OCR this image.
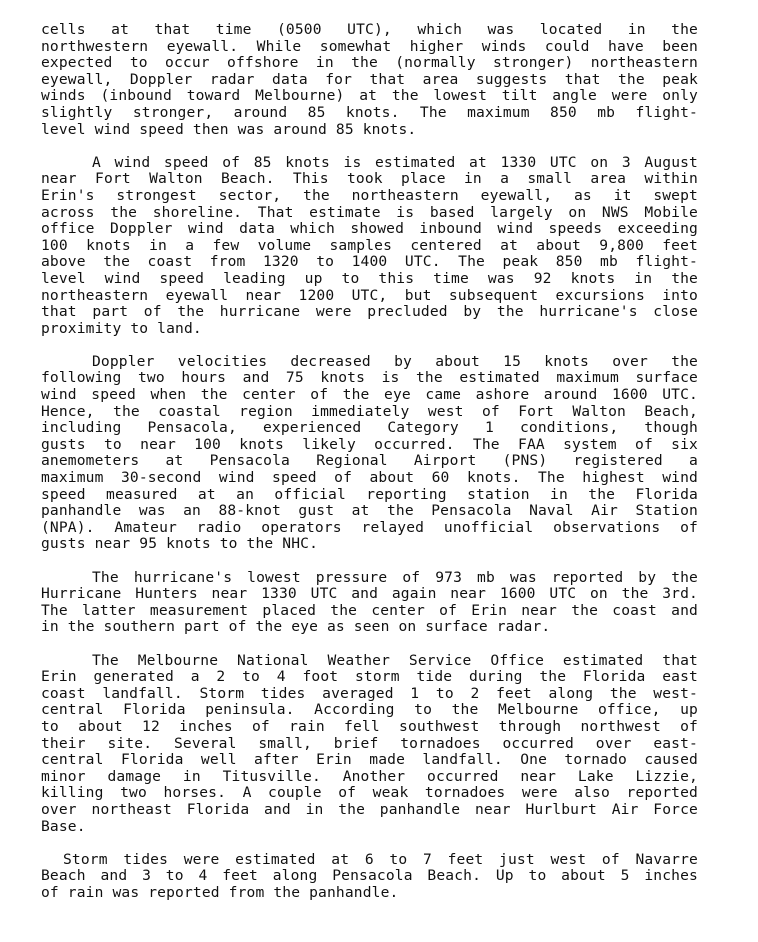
cells at that time (0500 UTC), which was located in the
northwestern eyewall. While somewhat higher winds could have been
expected to occur offshore in the (normally stronger) northeastern
eyewall, Doppler radar data for that area suggests that the peak
winds (inbound toward Melbourne) at the lowest tilt angle were only
slightly stronger, around 85 knots. The maximum 850 mb flight-
level wind speed then was around 85 knots.
A wind speed of 85 knots is estimated at 1330 UTC on 3 August
near Fort Walton Beach. This took place in a small area within
Erin's strongest sector, the northeastern eyewall, as it swept
across the shoreline. That estimate is based largely on NWS Mobile
office Doppler wind data which showed inbound wind speeds exceeding
100 knots in a few volume samples centered at about 9,800 feet
above the coast from 1320 to 1400 UTC. The peak 850 mb flight-
level wind speed leading up to this time was 92 knots in the
northeastern eyewall near 1200 UTC, but subsequent excursions into
that part of the hurricane were precluded by the hurricane's close
proximity to land.
Doppler velocities decreased by about 15 knots over the
following two hours and 75 knots is the estimated maximum surface
wind speed when the center of the eye came ashore around 1600 UTC.
Hence, the coastal region immediately west of Fort Walton Beach,
including Pensacola, experienced Category 1 conditions, though
gusts to near 100 knots likely occurred. The FAA system of six
anemometers at Pensacola Regional Airport (PNS) registered a
maximum 30-second wind speed of about 60 knots. The highest wind
speed measured at an official reporting station in the Florida
panhandle was an 88-knot gust at the Pensacola Naval Air Station
(NPA). Amateur radio operators relayed unofficial observations of
gusts near 95 knots to the NHC.
The hurricane's lowest pressure of 973 mb was reported by the
Hurricane Hunters near 1330 UTC and again near 1600 UTC on the 3rd.
The latter measurement placed the center of Erin near the coast and
in the southern part of the eye as seen on surface radar.
The Melbourne National Weather Service Office estimated that
Erin generated a 2 to 4 foot storm tide during the Florida east
coast landfall. Storm tides averaged 1 to 2 feet along the west-
central Florida peninsula. According to the Melbourne office, up
to about 12 inches of rain fell southwest through northwest of
their site. Several small, brief tornadoes occurred over east-
central Florida well after Erin made landfall. One tornado caused
minor damage in Titusville. Another occurred near Lake Lizzie,
killing two horses. A couple of weak tornadoes were also reported
over northeast Florida and in the panhandle near Hurlburt Air Force
Base.
Storm tides were estimated at 6 to 7 feet just west of Navarre
Beach and 3 to 4 feet along Pensacola Beach. Up to about 5 inches
of rain was reported from the panhandle.
